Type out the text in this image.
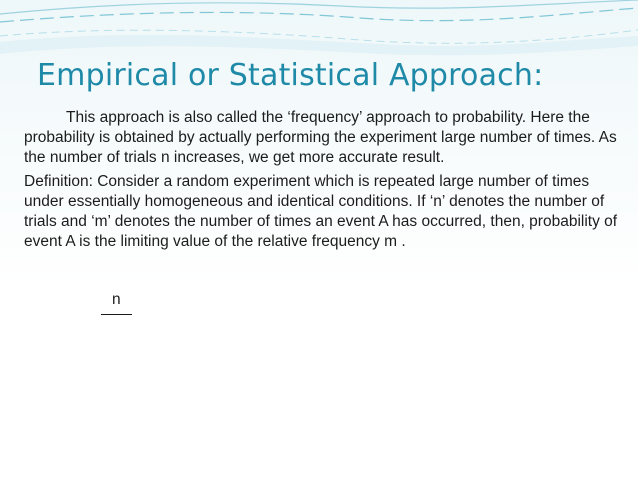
Empirical or Statistical Approach:

This approach is also called the ‘frequency’ approach to probability. Here the probability is obtained by actually performing the experiment large number of times. As the number of trials n increases, we get more accurate result.

Definition: Consider a random experiment which is repeated large number of times under essentially homogeneous and identical conditions. If ‘n’ denotes the number of trials and ‘m’ denotes the number of times an event A has occurred, then, probability of event A is the limiting value of the relative frequency m .

n
